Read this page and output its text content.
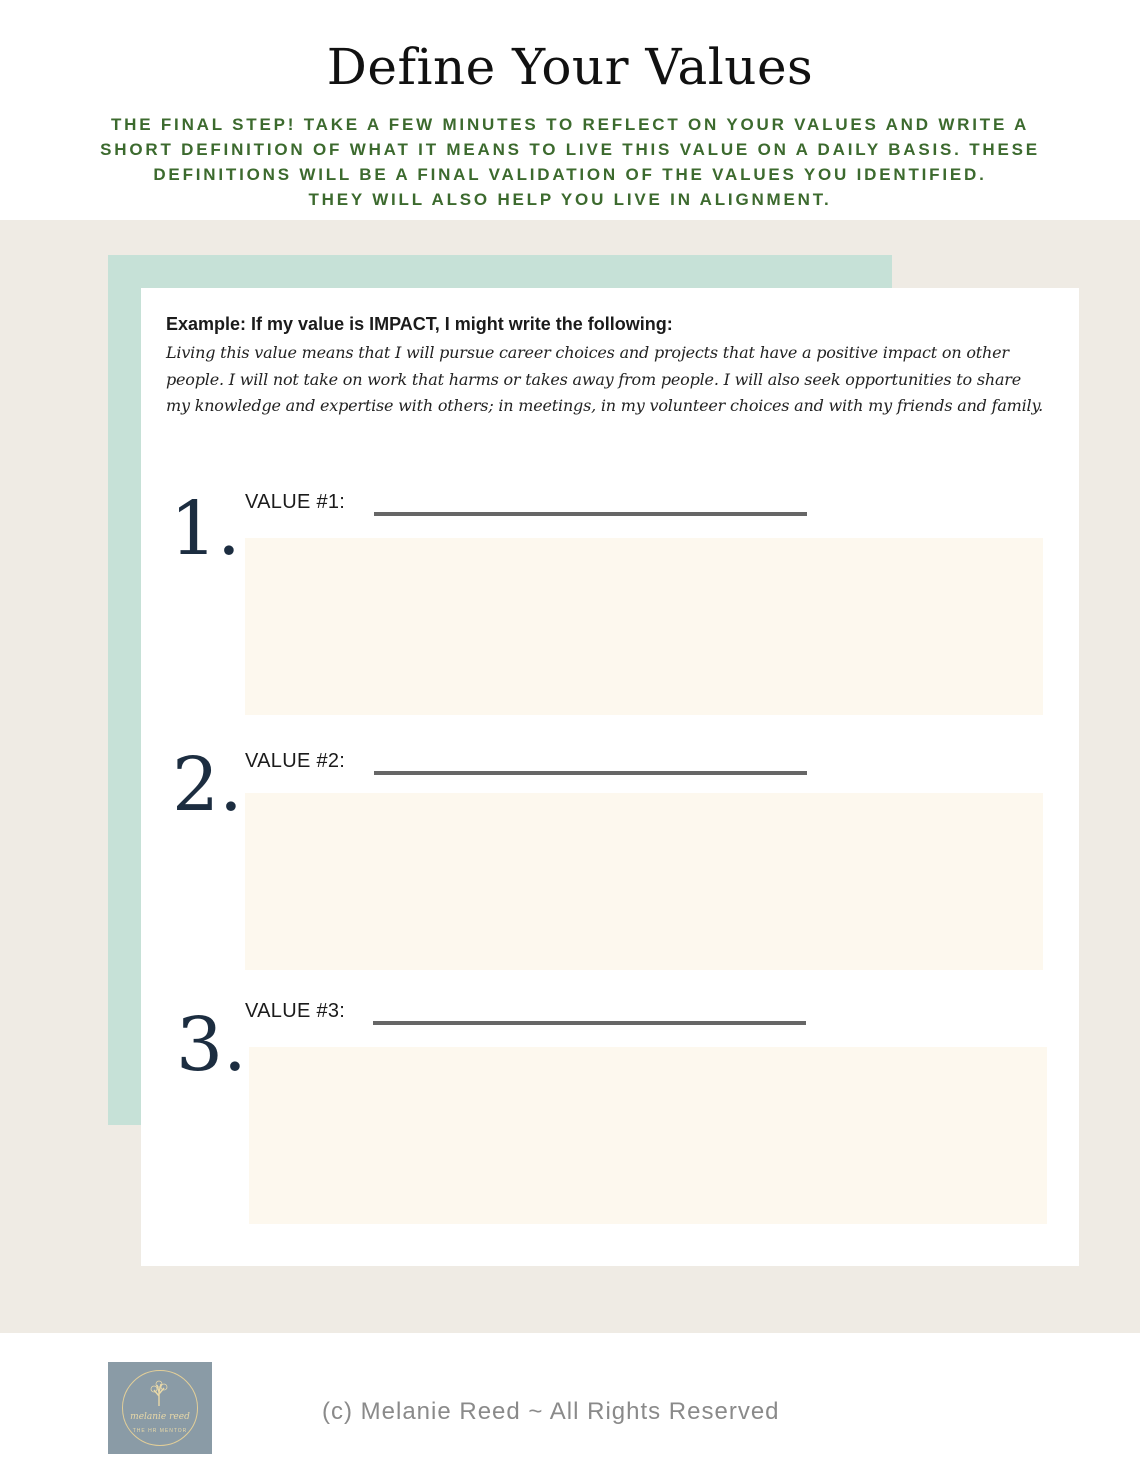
Define Your Values
THE FINAL STEP! TAKE A FEW MINUTES TO REFLECT ON YOUR VALUES AND WRITE A
SHORT DEFINITION OF WHAT IT MEANS TO LIVE THIS VALUE ON A DAILY BASIS. THESE
DEFINITIONS WILL BE A FINAL VALIDATION OF THE VALUES YOU IDENTIFIED.
THEY WILL ALSO HELP YOU LIVE IN ALIGNMENT.

Example: If my value is IMPACT, I might write the following:

Living this value means that I will pursue career choices and projects that have a positive impact on other people. I will not take on work that harms or takes away from people. I will also seek opportunities to share my knowledge and expertise with others; in meetings, in my volunteer choices and with my friends and family.

1. VALUE #1:
2. VALUE #2:
3.
VALUE #3:
melanie reed
THE HR MENTOR

(c) Melanie Reed ~ All Rights Reserved
